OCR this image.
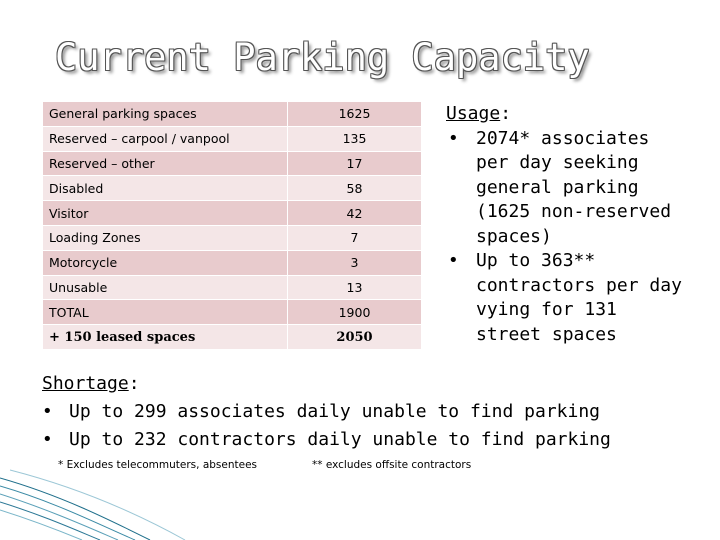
Current Parking Capacity
General parking spaces	1625
Reserved – carpool / vanpool	135
Reserved – other	17
Disabled	58
Visitor	42
Loading Zones	7
Motorcycle	3
Unusable	13
TOTAL	1900
+ 150 leased spaces	2050
Usage:
• 2074* associates per day seeking general parking (1625 non-reserved spaces)
• Up to 363** contractors per day vying for 131 street spaces
Shortage:
• Up to 299 associates daily unable to find parking
• Up to 232 contractors daily unable to find parking
* Excludes telecommuters, absentees	** excludes offsite contractors
